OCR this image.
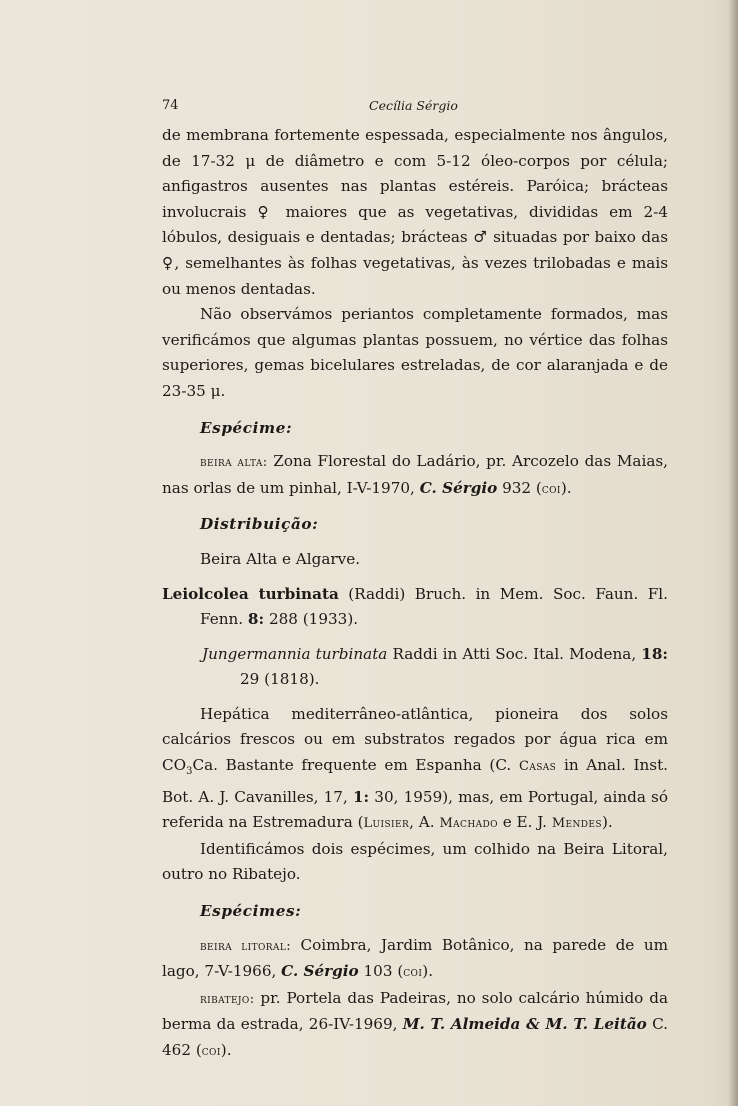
74	Cecília Sérgio

de membrana fortemente espessada, especialmente nos ângulos, de 17-32 μ de diâmetro e com 5-12 óleo-corpos por célula; anfigastros ausentes nas plantas estéreis. Paróica; brácteas involucrais ♀ maiores que as vegetativas, divididas em 2-4 lóbulos, desiguais e dentadas; brácteas ♂ situadas por baixo das ♀, semelhantes às folhas vegetativas, às vezes trilobadas e mais ou menos dentadas.

Não observámos periantos completamente formados, mas verificámos que algumas plantas possuem, no vértice das folhas superiores, gemas bicelulares estreladas, de cor alaranjada e de 23-35 μ.

Espécime:

beira alta: Zona Florestal do Ladário, pr. Arcozelo das Maias, nas orlas de um pinhal, I-V-1970, C. Sérgio 932 (coi).

Distribuição:

Beira Alta e Algarve.

Leiolcolea turbinata (Raddi) Bruch. in Mem. Soc. Faun. Fl. Fenn. 8: 288 (1933).

Jungermannia turbinata Raddi in Atti Soc. Ital. Modena, 18: 29 (1818).

Hepática mediterrâneo-atlântica, pioneira dos solos calcários frescos ou em substratos regados por água rica em $CO_3Ca$. Bastante frequente em Espanha (C. Casas in Anal. Inst. Bot. A. J. Cavanilles, 17, 1: 30, 1959), mas, em Portugal, ainda só referida na Estremadura (Luisier, A. Machado e E. J. Mendes).

Identificámos dois espécimes, um colhido na Beira Litoral, outro no Ribatejo.

Espécimes:

beira litoral: Coimbra, Jardim Botânico, na parede de um lago, 7-V-1966, C. Sérgio 103 (coi).

ribatejo: pr. Portela das Padeiras, no solo calcário húmido da berma da estrada, 26-IV-1969, M. T. Almeida & M. T. Leitão C. 462 (coi).
